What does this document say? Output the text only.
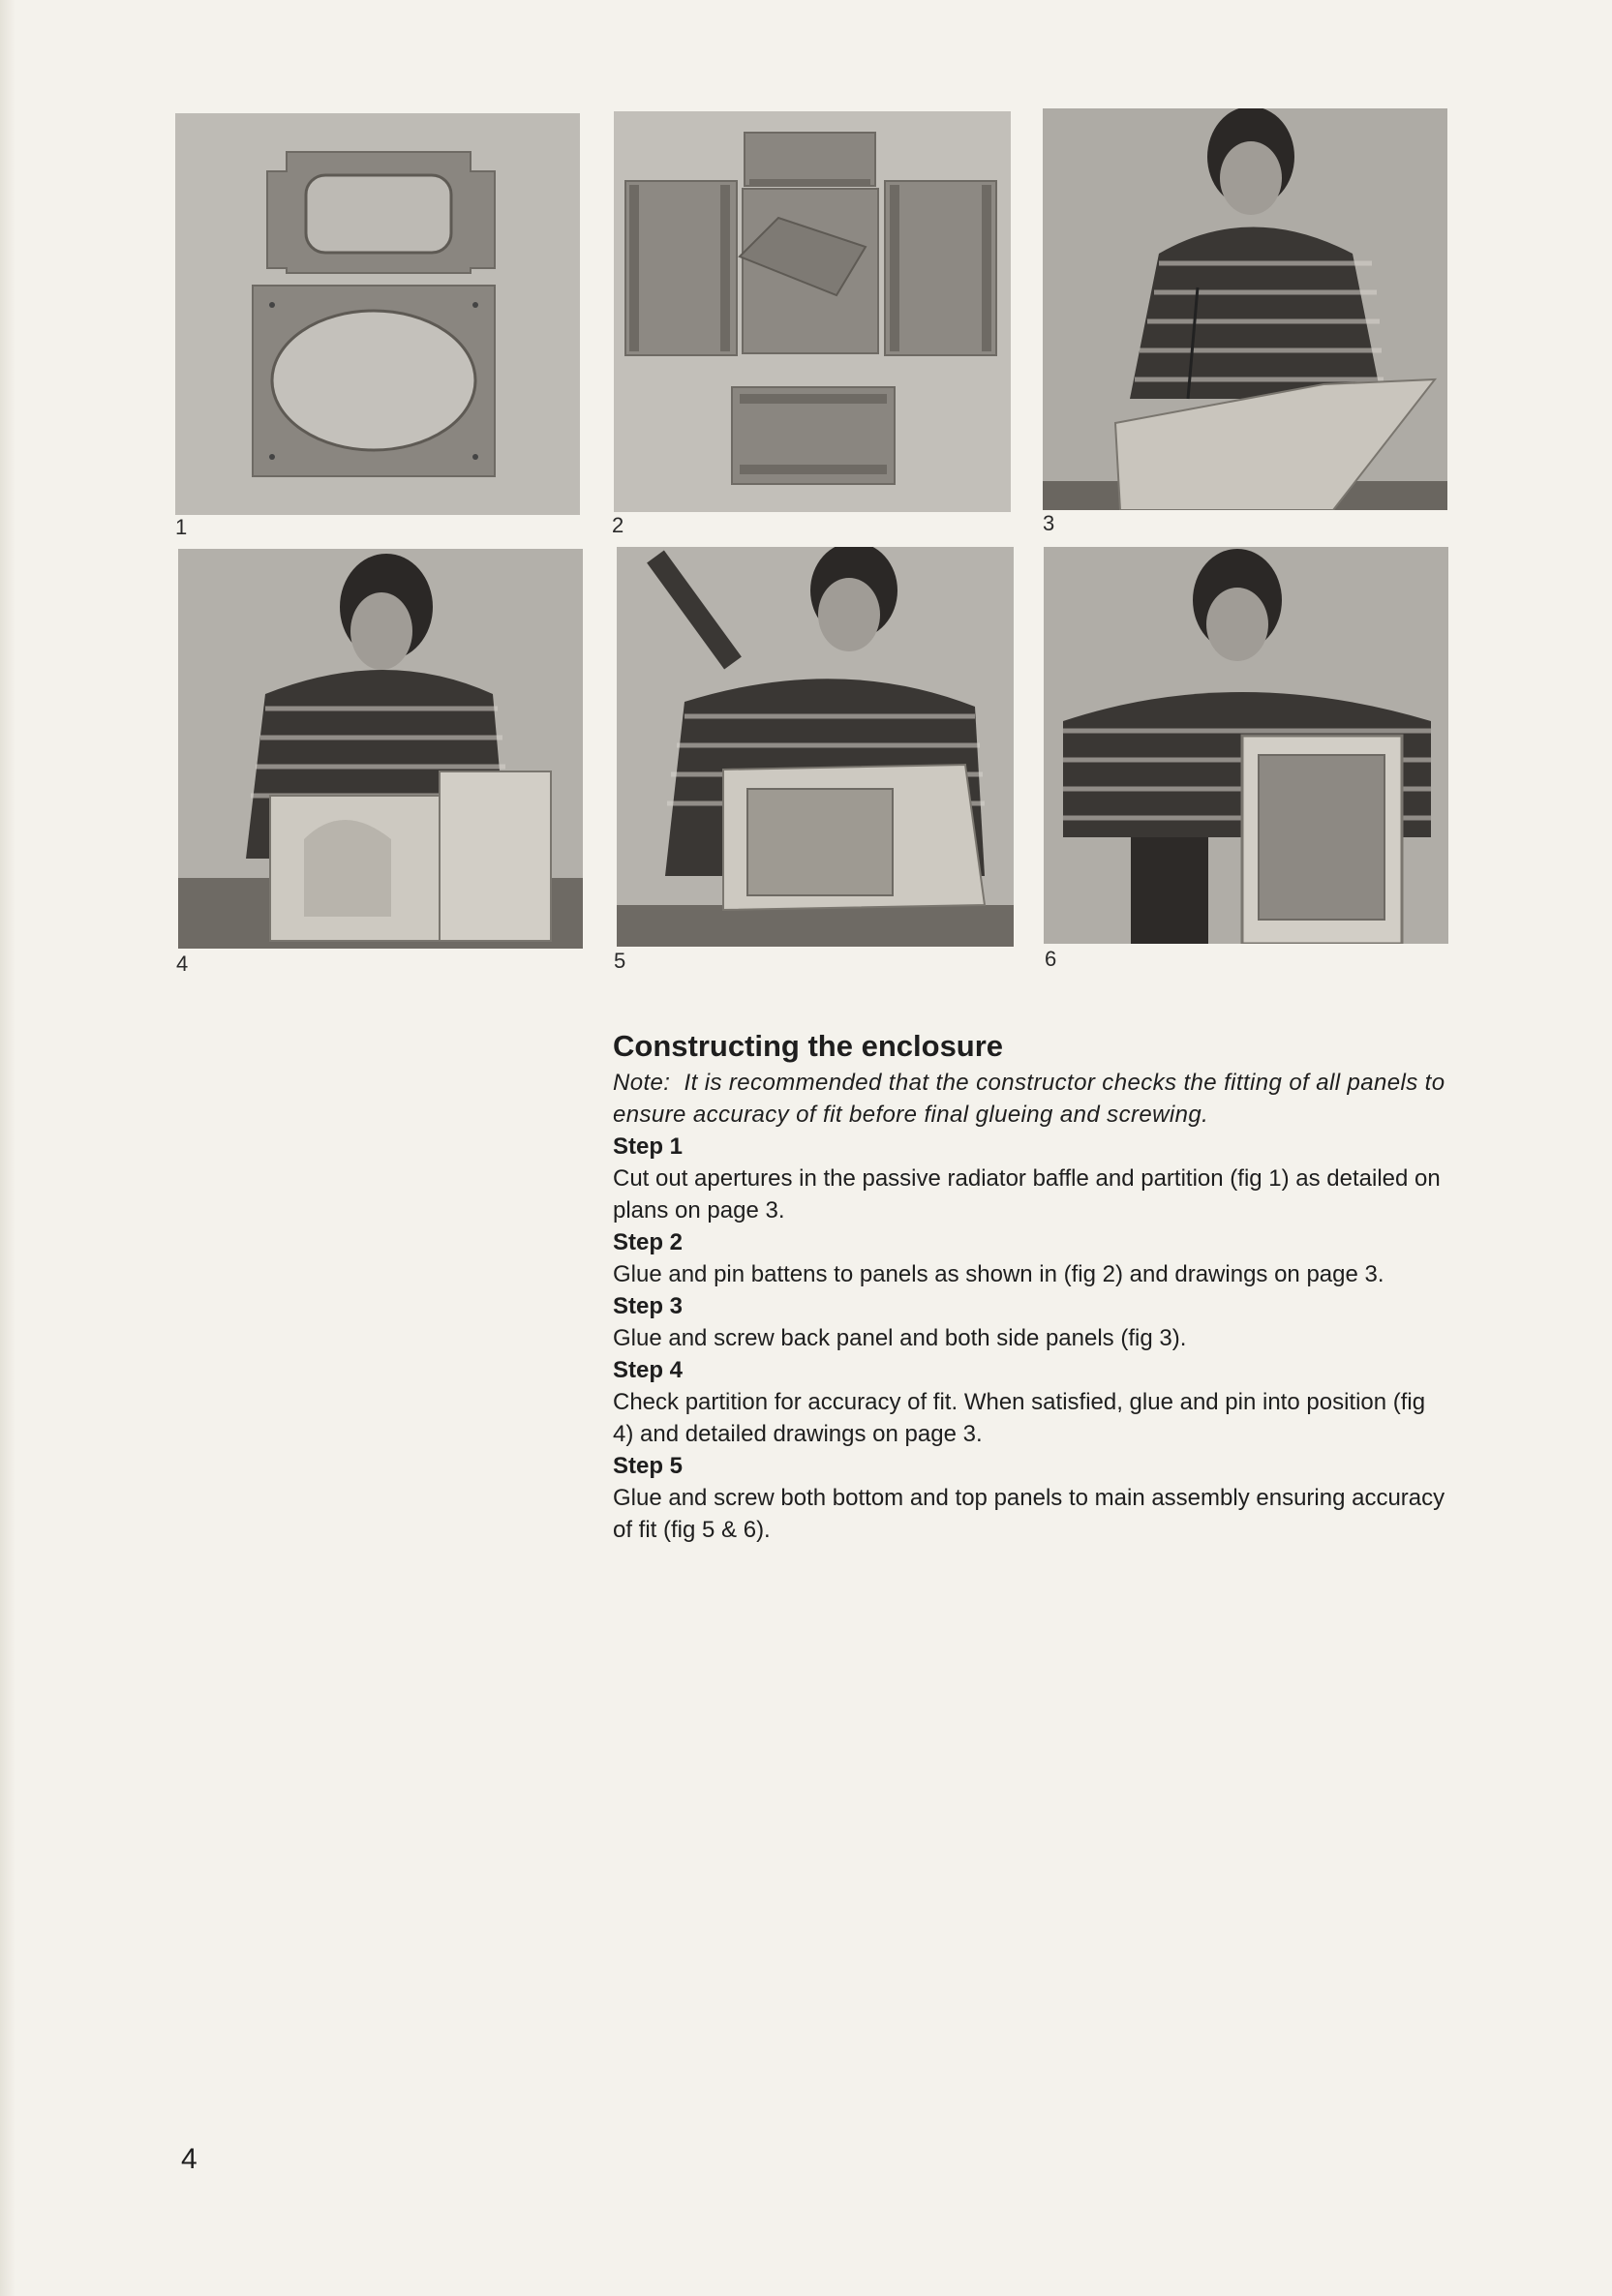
1	2	3
4	5	6
Constructing the enclosure

Note: It is recommended that the constructor checks the fitting of all panels to ensure accuracy of fit before final glueing and screwing.

Step 1

Cut out apertures in the passive radiator baffle and partition (fig 1) as detailed on plans on page 3.

Step 2

Glue and pin battens to panels as shown in (fig 2) and drawings on page 3.

Step 3

Glue and screw back panel and both side panels (fig 3).

Step 4

Check partition for accuracy of fit. When satisfied, glue and pin into position (fig 4) and detailed drawings on page 3.

Step 5

Glue and screw both bottom and top panels to main assembly ensuring accuracy of fit (fig 5 & 6).

4
